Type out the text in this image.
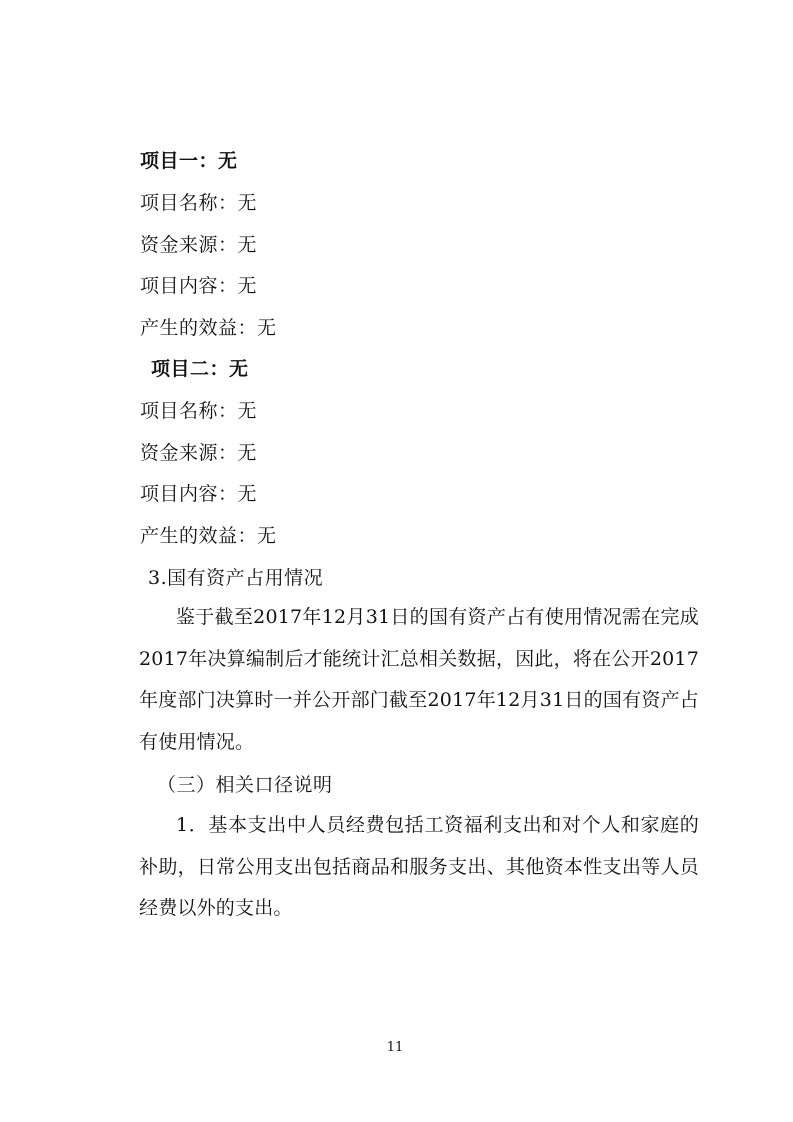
项目一：无
项目名称：无
资金来源：无
项目内容：无
产生的效益：无
项目二：无
项目名称：无
资金来源：无
项目内容：无
产生的效益：无
3.国有资产占用情况
鉴于截至2017年12月31日的国有资产占有使用情况需在完成2017年决算编制后才能统计汇总相关数据，因此，将在公开2017年度部门决算时一并公开部门截至2017年12月31日的国有资产占有使用情况。
（三）相关口径说明
1．基本支出中人员经费包括工资福利支出和对个人和家庭的补助，日常公用支出包括商品和服务支出、其他资本性支出等人员经费以外的支出。
11
